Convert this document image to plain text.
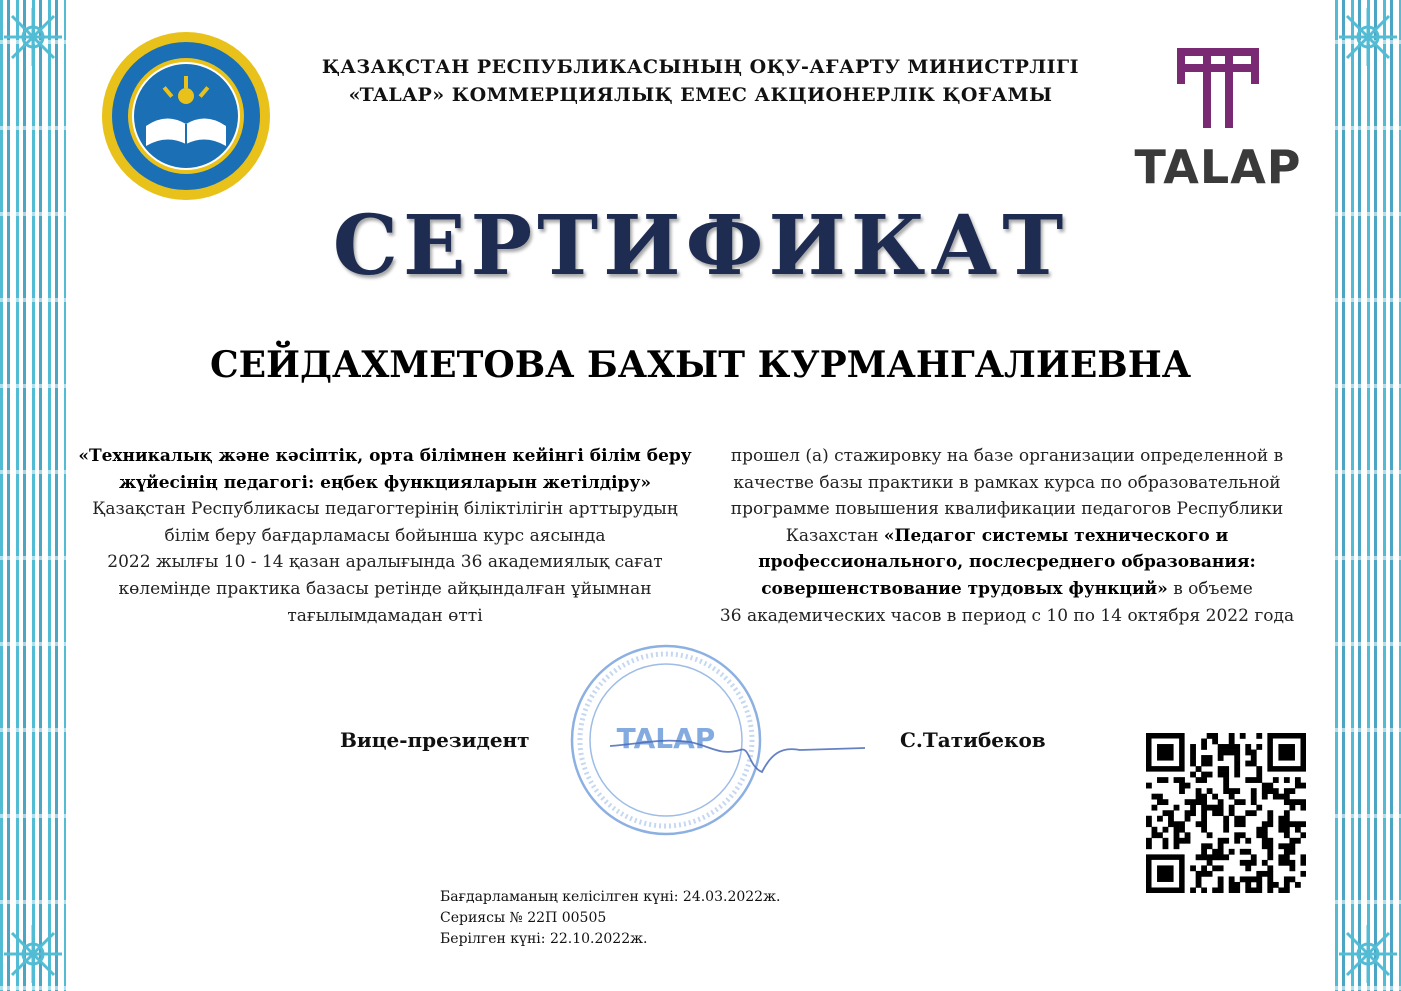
ҚАЗАҚСТАН РЕСПУБЛИКАСЫНЫҢ ОҚУ-АҒАРТУ МИНИСТРЛІГІ
«TALAP» КОММЕРЦИЯЛЫҚ ЕМЕС АКЦИОНЕРЛІК ҚОҒАМЫ
TALAP
СЕРТИФИКАТ
СЕЙДАХМЕТОВА БАХЫТ КУРМАНГАЛИЕВНА
«Техникалық және кәсіптік, орта білімнен кейінгі білім беру
жүйесінің педагогі: еңбек функцияларын жетілдіру»
Қазақстан Республикасы педагогтерінің біліктілігін арттырудың
білім беру бағдарламасы бойынша курс аясында
2022 жылғы 10 - 14 қазан аралығында 36 академиялық сағат
көлемінде практика базасы ретінде айқындалған ұйымнан
тағылымдамадан өтті
прошел (а) стажировку на базе организации определенной в
качестве базы практики в рамках курса по образовательной
программе повышения квалификации педагогов Республики
Казахстан «Педагог системы технического и
профессионального, послесреднего образования:
совершенствование трудовых функций» в объеме
36 академических часов в период с 10 по 14 октября 2022 года
TALAP
Вице-президент	С.Татибеков
Бағдарламаның келісілген күні: 24.03.2022ж.
Сериясы № 22П 00505
Берілген күні: 22.10.2022ж.
